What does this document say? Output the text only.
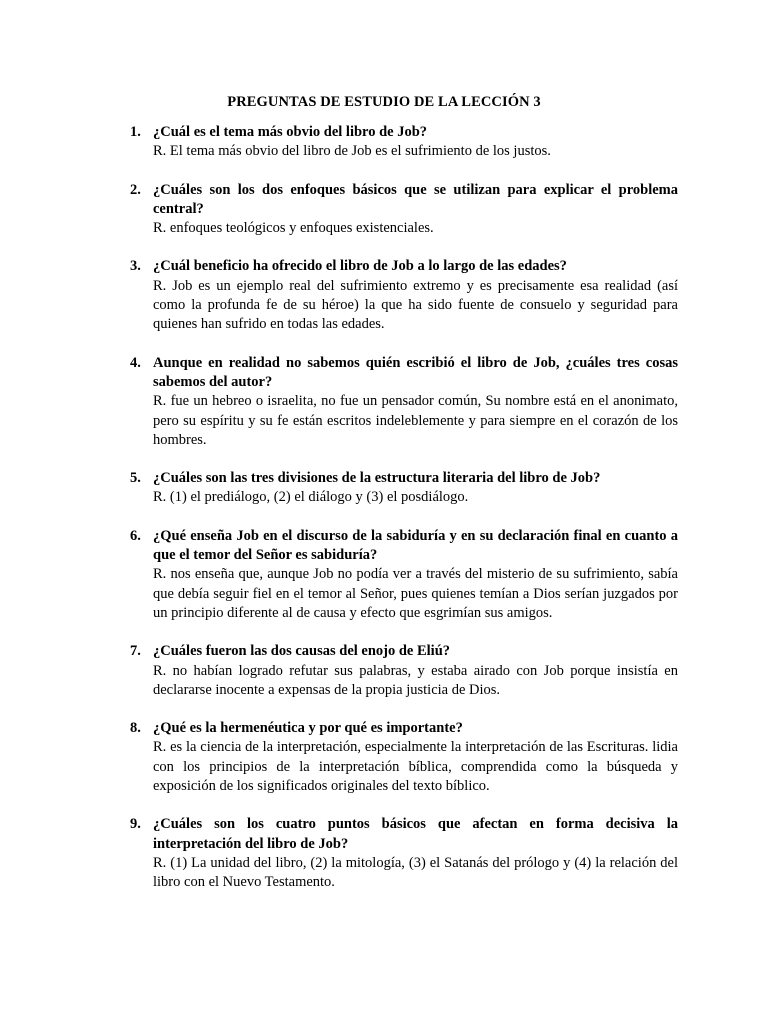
PREGUNTAS DE ESTUDIO DE LA LECCIÓN 3
1. ¿Cuál es el tema más obvio del libro de Job?
R. El tema más obvio del libro de Job es el sufrimiento de los justos.
2. ¿Cuáles son los dos enfoques básicos que se utilizan para explicar el problema central?
R. enfoques teológicos y enfoques existenciales.
3. ¿Cuál beneficio ha ofrecido el libro de Job a lo largo de las edades?
R. Job es un ejemplo real del sufrimiento extremo y es precisamente esa realidad (así como la profunda fe de su héroe) la que ha sido fuente de consuelo y seguridad para quienes han sufrido en todas las edades.
4. Aunque en realidad no sabemos quién escribió el libro de Job, ¿cuáles tres cosas sabemos del autor?
R. fue un hebreo o israelita, no fue un pensador común, Su nombre está en el anonimato, pero su espíritu y su fe están escritos indeleblemente y para siempre en el corazón de los hombres.
5. ¿Cuáles son las tres divisiones de la estructura literaria del libro de Job?
R. (1) el prediálogo, (2) el diálogo y (3) el posdiálogo.
6. ¿Qué enseña Job en el discurso de la sabiduría y en su declaración final en cuanto a que el temor del Señor es sabiduría?
R. nos enseña que, aunque Job no podía ver a través del misterio de su sufrimiento, sabía que debía seguir fiel en el temor al Señor, pues quienes temían a Dios serían juzgados por un principio diferente al de causa y efecto que esgrimían sus amigos.
7. ¿Cuáles fueron las dos causas del enojo de Eliú?
R. no habían logrado refutar sus palabras, y estaba airado con Job porque insistía en declararse inocente a expensas de la propia justicia de Dios.
8. ¿Qué es la hermenéutica y por qué es importante?
R. es la ciencia de la interpretación, especialmente la interpretación de las Escrituras. lidia con los principios de la interpretación bíblica, comprendida como la búsqueda y exposición de los significados originales del texto bíblico.
9. ¿Cuáles son los cuatro puntos básicos que afectan en forma decisiva la interpretación del libro de Job?
R. (1) La unidad del libro, (2) la mitología, (3) el Satanás del prólogo y (4) la relación del libro con el Nuevo Testamento.
